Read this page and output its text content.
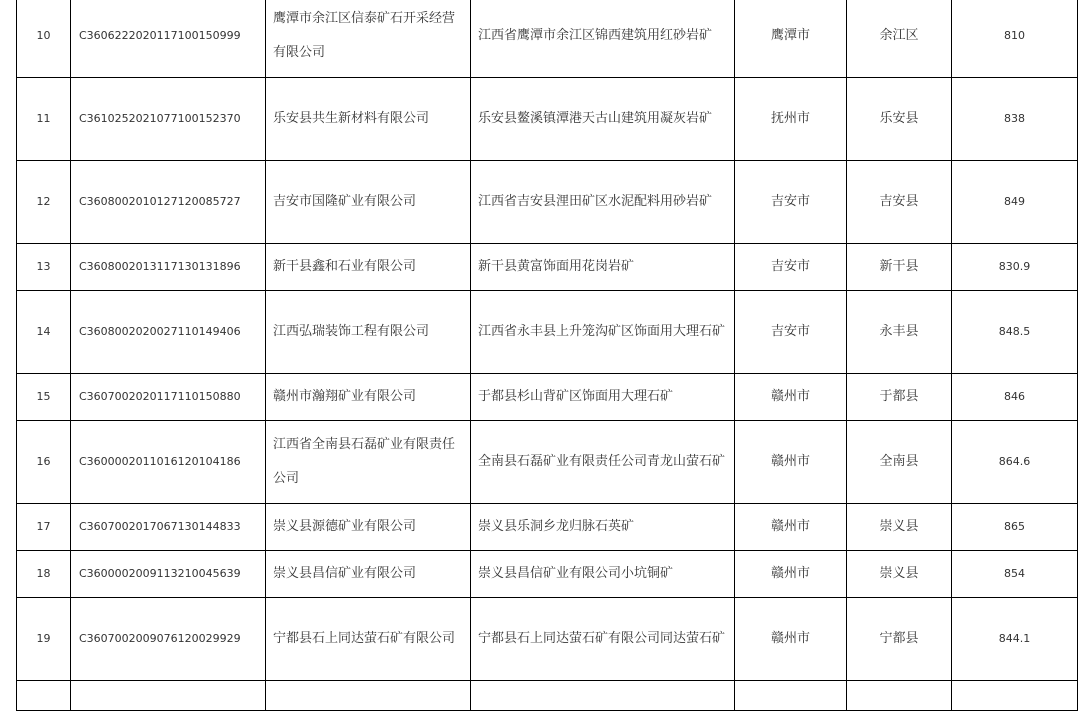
10	C3606222020117100150999	鹰潭市余江区信泰矿石开采经营有限公司	江西省鹰潭市余江区锦西建筑用红砂岩矿	鹰潭市	余江区	810
11	C3610252021077100152370	乐安县共生新材料有限公司	乐安县鳌溪镇潭港天古山建筑用凝灰岩矿	抚州市	乐安县	838
12	C3608002010127120085727	吉安市国隆矿业有限公司	江西省吉安县浬田矿区水泥配料用砂岩矿	吉安市	吉安县	849
13	C3608002013117130131896	新干县鑫和石业有限公司	新干县黄富饰面用花岗岩矿	吉安市	新干县	830.9
14	C3608002020027110149406	江西弘瑞装饰工程有限公司	江西省永丰县上升笼沟矿区饰面用大理石矿	吉安市	永丰县	848.5
15	C3607002020117110150880	赣州市瀚翔矿业有限公司	于都县杉山背矿区饰面用大理石矿	赣州市	于都县	846
16	C3600002011016120104186	江西省全南县石磊矿业有限责任公司	全南县石磊矿业有限责任公司青龙山萤石矿	赣州市	全南县	864.6
17	C3607002017067130144833	崇义县源德矿业有限公司	崇义县乐洞乡龙归脉石英矿	赣州市	崇义县	865
18	C3600002009113210045639	崇义县昌信矿业有限公司	崇义县昌信矿业有限公司小坑铜矿	赣州市	崇义县	854
19	C3607002009076120029929	宁都县石上同达萤石矿有限公司	宁都县石上同达萤石矿有限公司同达萤石矿	赣州市	宁都县	844.1
